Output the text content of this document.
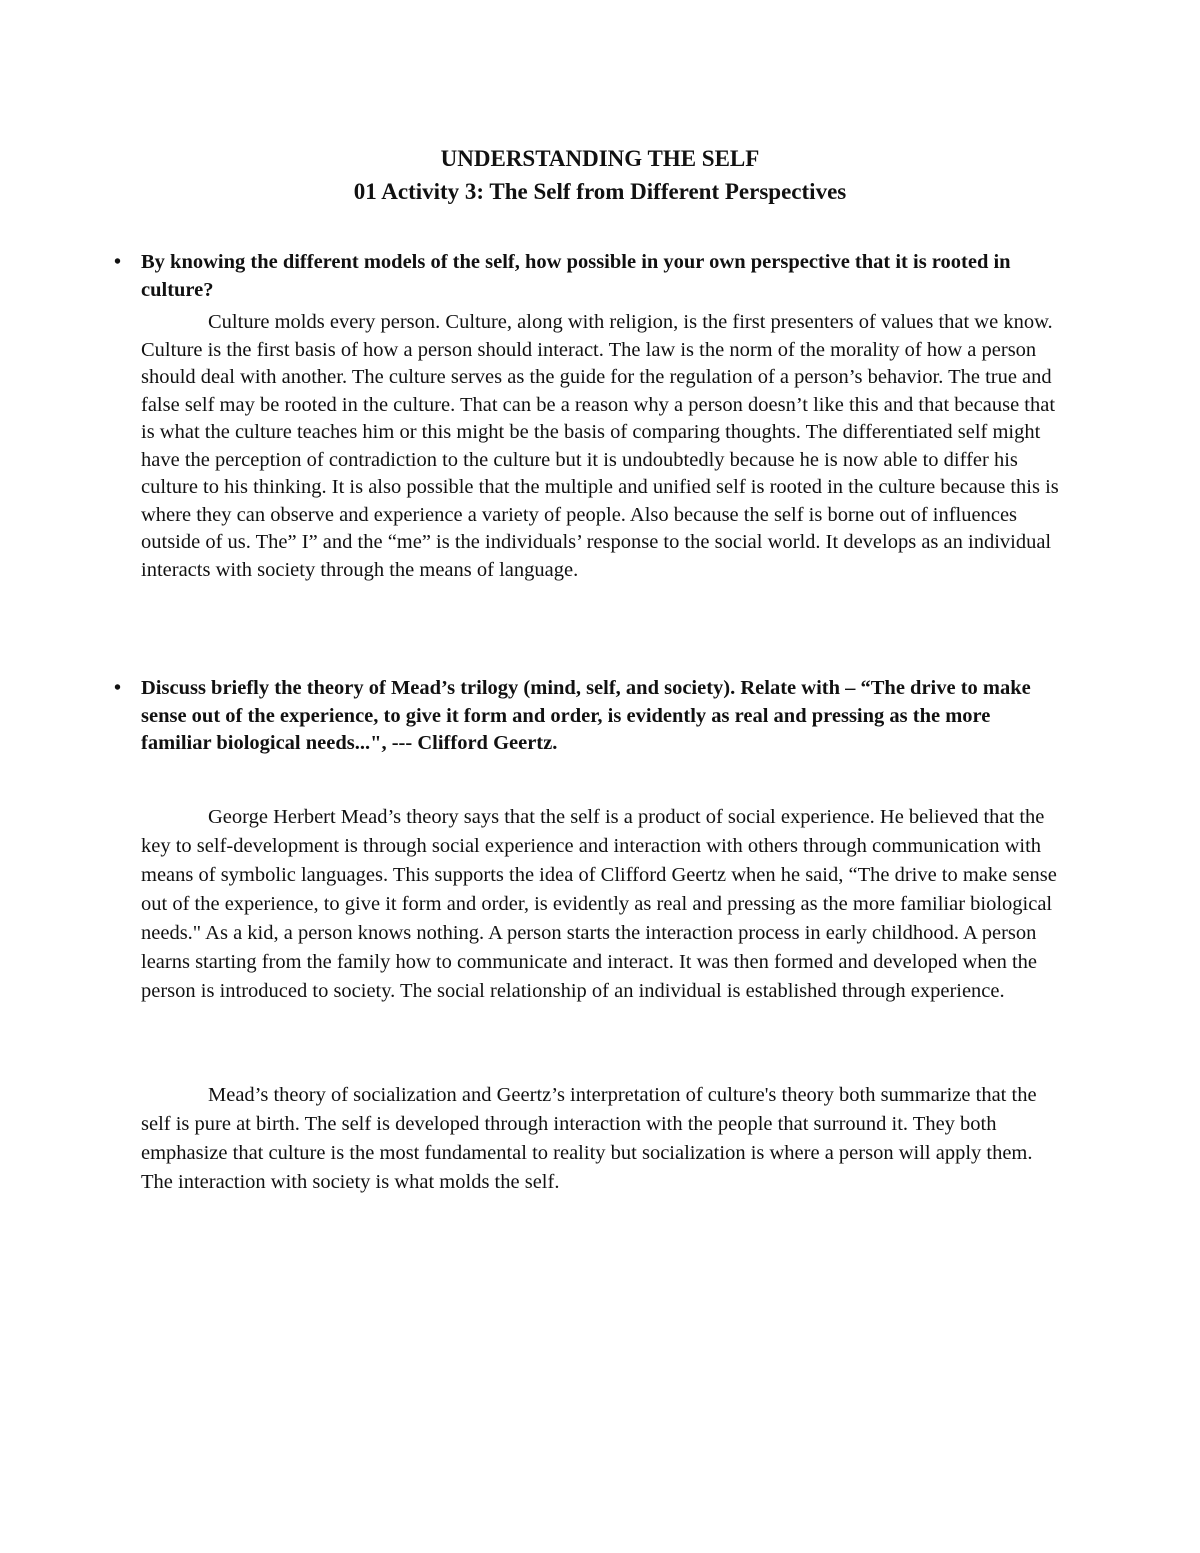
UNDERSTANDING THE SELF
01 Activity 3: The Self from Different Perspectives
• By knowing the different models of the self, how possible in your own perspective that it is rooted in culture?
Culture molds every person. Culture, along with religion, is the first presenters of values that we know. Culture is the first basis of how a person should interact. The law is the norm of the morality of how a person should deal with another. The culture serves as the guide for the regulation of a person’s behavior. The true and false self may be rooted in the culture. That can be a reason why a person doesn’t like this and that because that is what the culture teaches him or this might be the basis of comparing thoughts. The differentiated self might have the perception of contradiction to the culture but it is undoubtedly because he is now able to differ his culture to his thinking. It is also possible that the multiple and unified self is rooted in the culture because this is where they can observe and experience a variety of people. Also because the self is borne out of influences outside of us. The” I” and the “me” is the individuals’ response to the social world. It develops as an individual interacts with society through the means of language.
• Discuss briefly the theory of Mead’s trilogy (mind, self, and society). Relate with – “The drive to make sense out of the experience, to give it form and order, is evidently as real and pressing as the more familiar biological needs...", --- Clifford Geertz.
George Herbert Mead’s theory says that the self is a product of social experience. He believed that the key to self-development is through social experience and interaction with others through communication with means of symbolic languages. This supports the idea of Clifford Geertz when he said, “The drive to make sense out of the experience, to give it form and order, is evidently as real and pressing as the more familiar biological needs." As a kid, a person knows nothing. A person starts the interaction process in early childhood. A person learns starting from the family how to communicate and interact. It was then formed and developed when the person is introduced to society. The social relationship of an individual is established through experience.
Mead’s theory of socialization and Geertz’s interpretation of culture's theory both summarize that the self is pure at birth. The self is developed through interaction with the people that surround it. They both emphasize that culture is the most fundamental to reality but socialization is where a person will apply them. The interaction with society is what molds the self.
